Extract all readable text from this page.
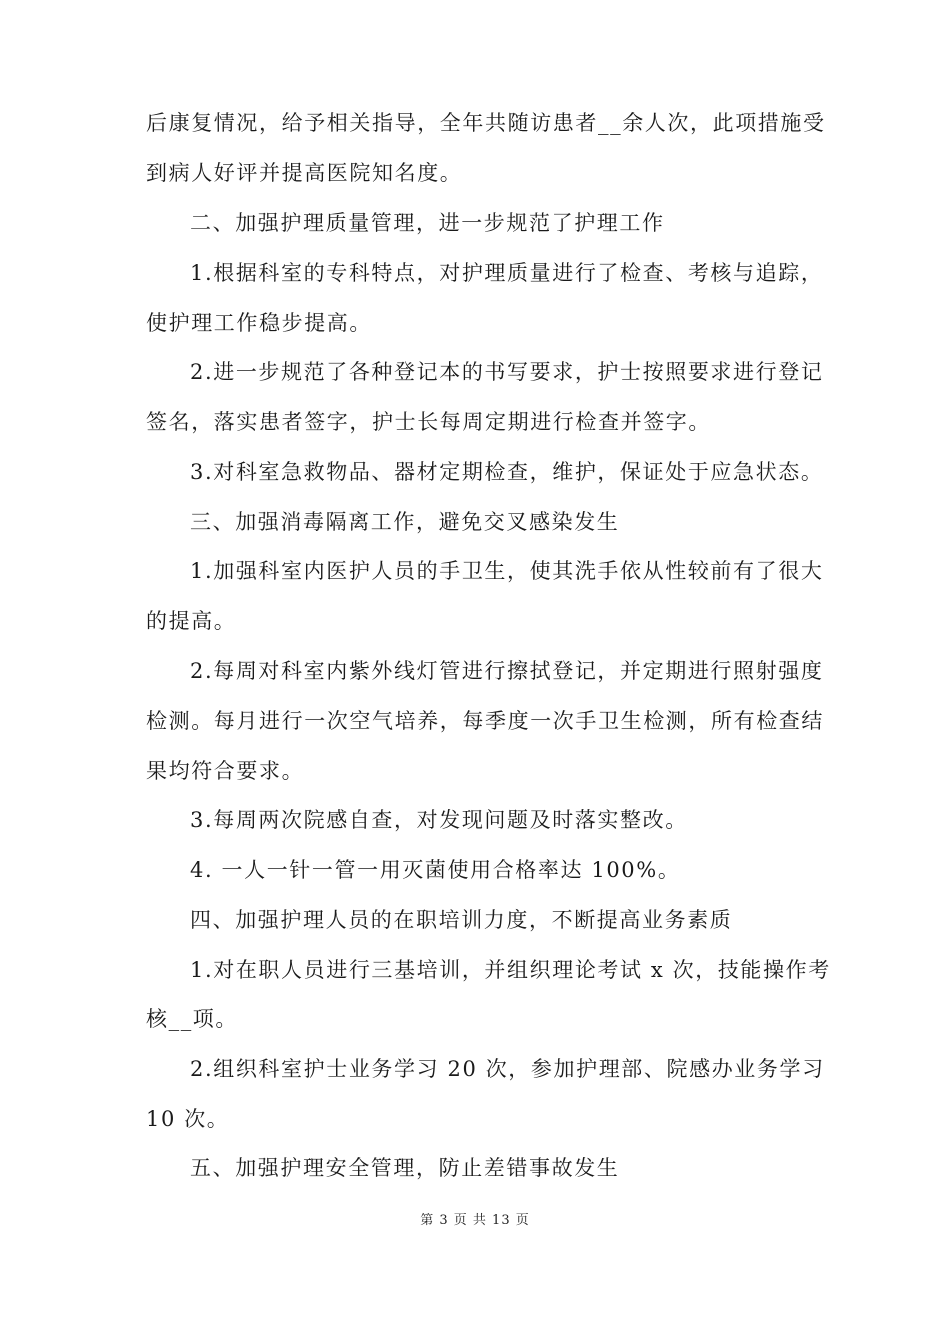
后康复情况，给予相关指导，全年共随访患者__余人次，此项措施受
到病人好评并提高医院知名度。
二、加强护理质量管理，进一步规范了护理工作
1.根据科室的专科特点，对护理质量进行了检查、考核与追踪，
使护理工作稳步提高。
2.进一步规范了各种登记本的书写要求，护士按照要求进行登记
签名，落实患者签字，护士长每周定期进行检查并签字。
3.对科室急救物品、器材定期检查，维护，保证处于应急状态。
三、加强消毒隔离工作，避免交叉感染发生
1.加强科室内医护人员的手卫生，使其洗手依从性较前有了很大
的提高。
2.每周对科室内紫外线灯管进行擦拭登记，并定期进行照射强度
检测。每月进行一次空气培养，每季度一次手卫生检测，所有检查结
果均符合要求。
3.每周两次院感自查，对发现问题及时落实整改。
4. 一人一针一管一用灭菌使用合格率达 100%。
四、加强护理人员的在职培训力度，不断提高业务素质
1.对在职人员进行三基培训，并组织理论考试 x 次，技能操作考
核__项。
2.组织科室护士业务学习 20 次，参加护理部、院感办业务学习
10 次。
五、加强护理安全管理，防止差错事故发生
第 3 页 共 13 页
